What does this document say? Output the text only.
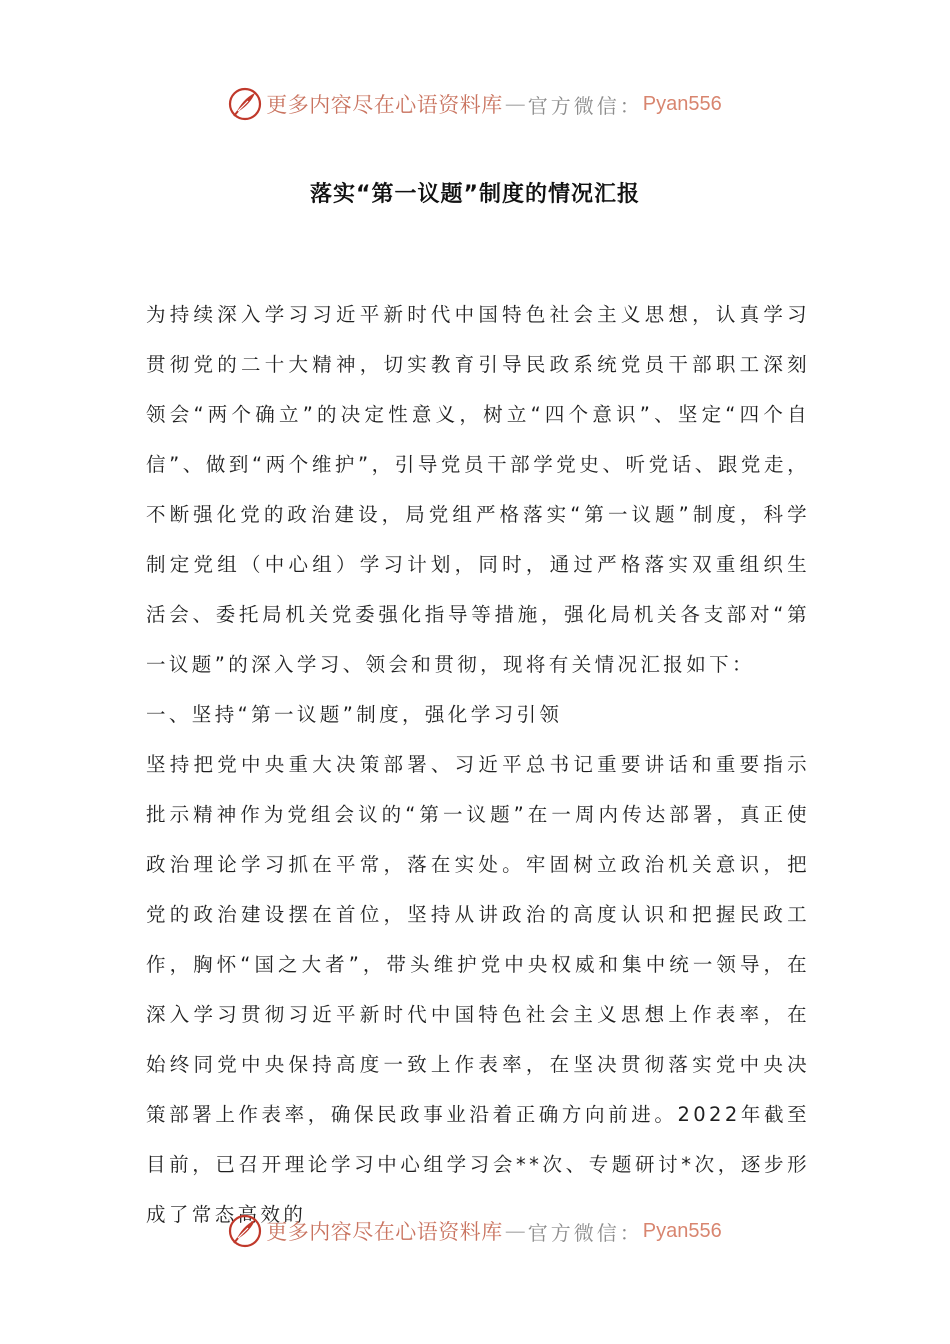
更多内容尽在心语资料库 — 官方微信： Pyan556
落实“第一议题”制度的情况汇报

为持续深入学习习近平新时代中国特色社会主义思想，认真学习贯彻党的二十大精神，切实教育引导民政系统党员干部职工深刻领会“两个确立”的决定性意义，树立“四个意识”、坚定“四个自信”、做到“两个维护”，引导党员干部学党史、听党话、跟党走，不断强化党的政治建设，局党组严格落实“第一议题”制度，科学制定党组（中心组）学习计划，同时，通过严格落实双重组织生活会、委托局机关党委强化指导等措施，强化局机关各支部对“第一议题”的深入学习、领会和贯彻，现将有关情况汇报如下：

一、坚持“第一议题”制度，强化学习引领

坚持把党中央重大决策部署、习近平总书记重要讲话和重要指示批示精神作为党组会议的“第一议题”在一周内传达部署，真正使政治理论学习抓在平常，落在实处。牢固树立政治机关意识，把党的政治建设摆在首位，坚持从讲政治的高度认识和把握民政工作，胸怀“国之大者”，带头维护党中央权威和集中统一领导，在深入学习贯彻习近平新时代中国特色社会主义思想上作表率，在始终同党中央保持高度一致上作表率，在坚决贯彻落实党中央决策部署上作表率，确保民政事业沿着正确方向前进。2022年截至目前，已召开理论学习中心组学习会**次、专题研讨*次，逐步形成了常态高效的

更多内容尽在心语资料库 — 官方微信： Pyan556
